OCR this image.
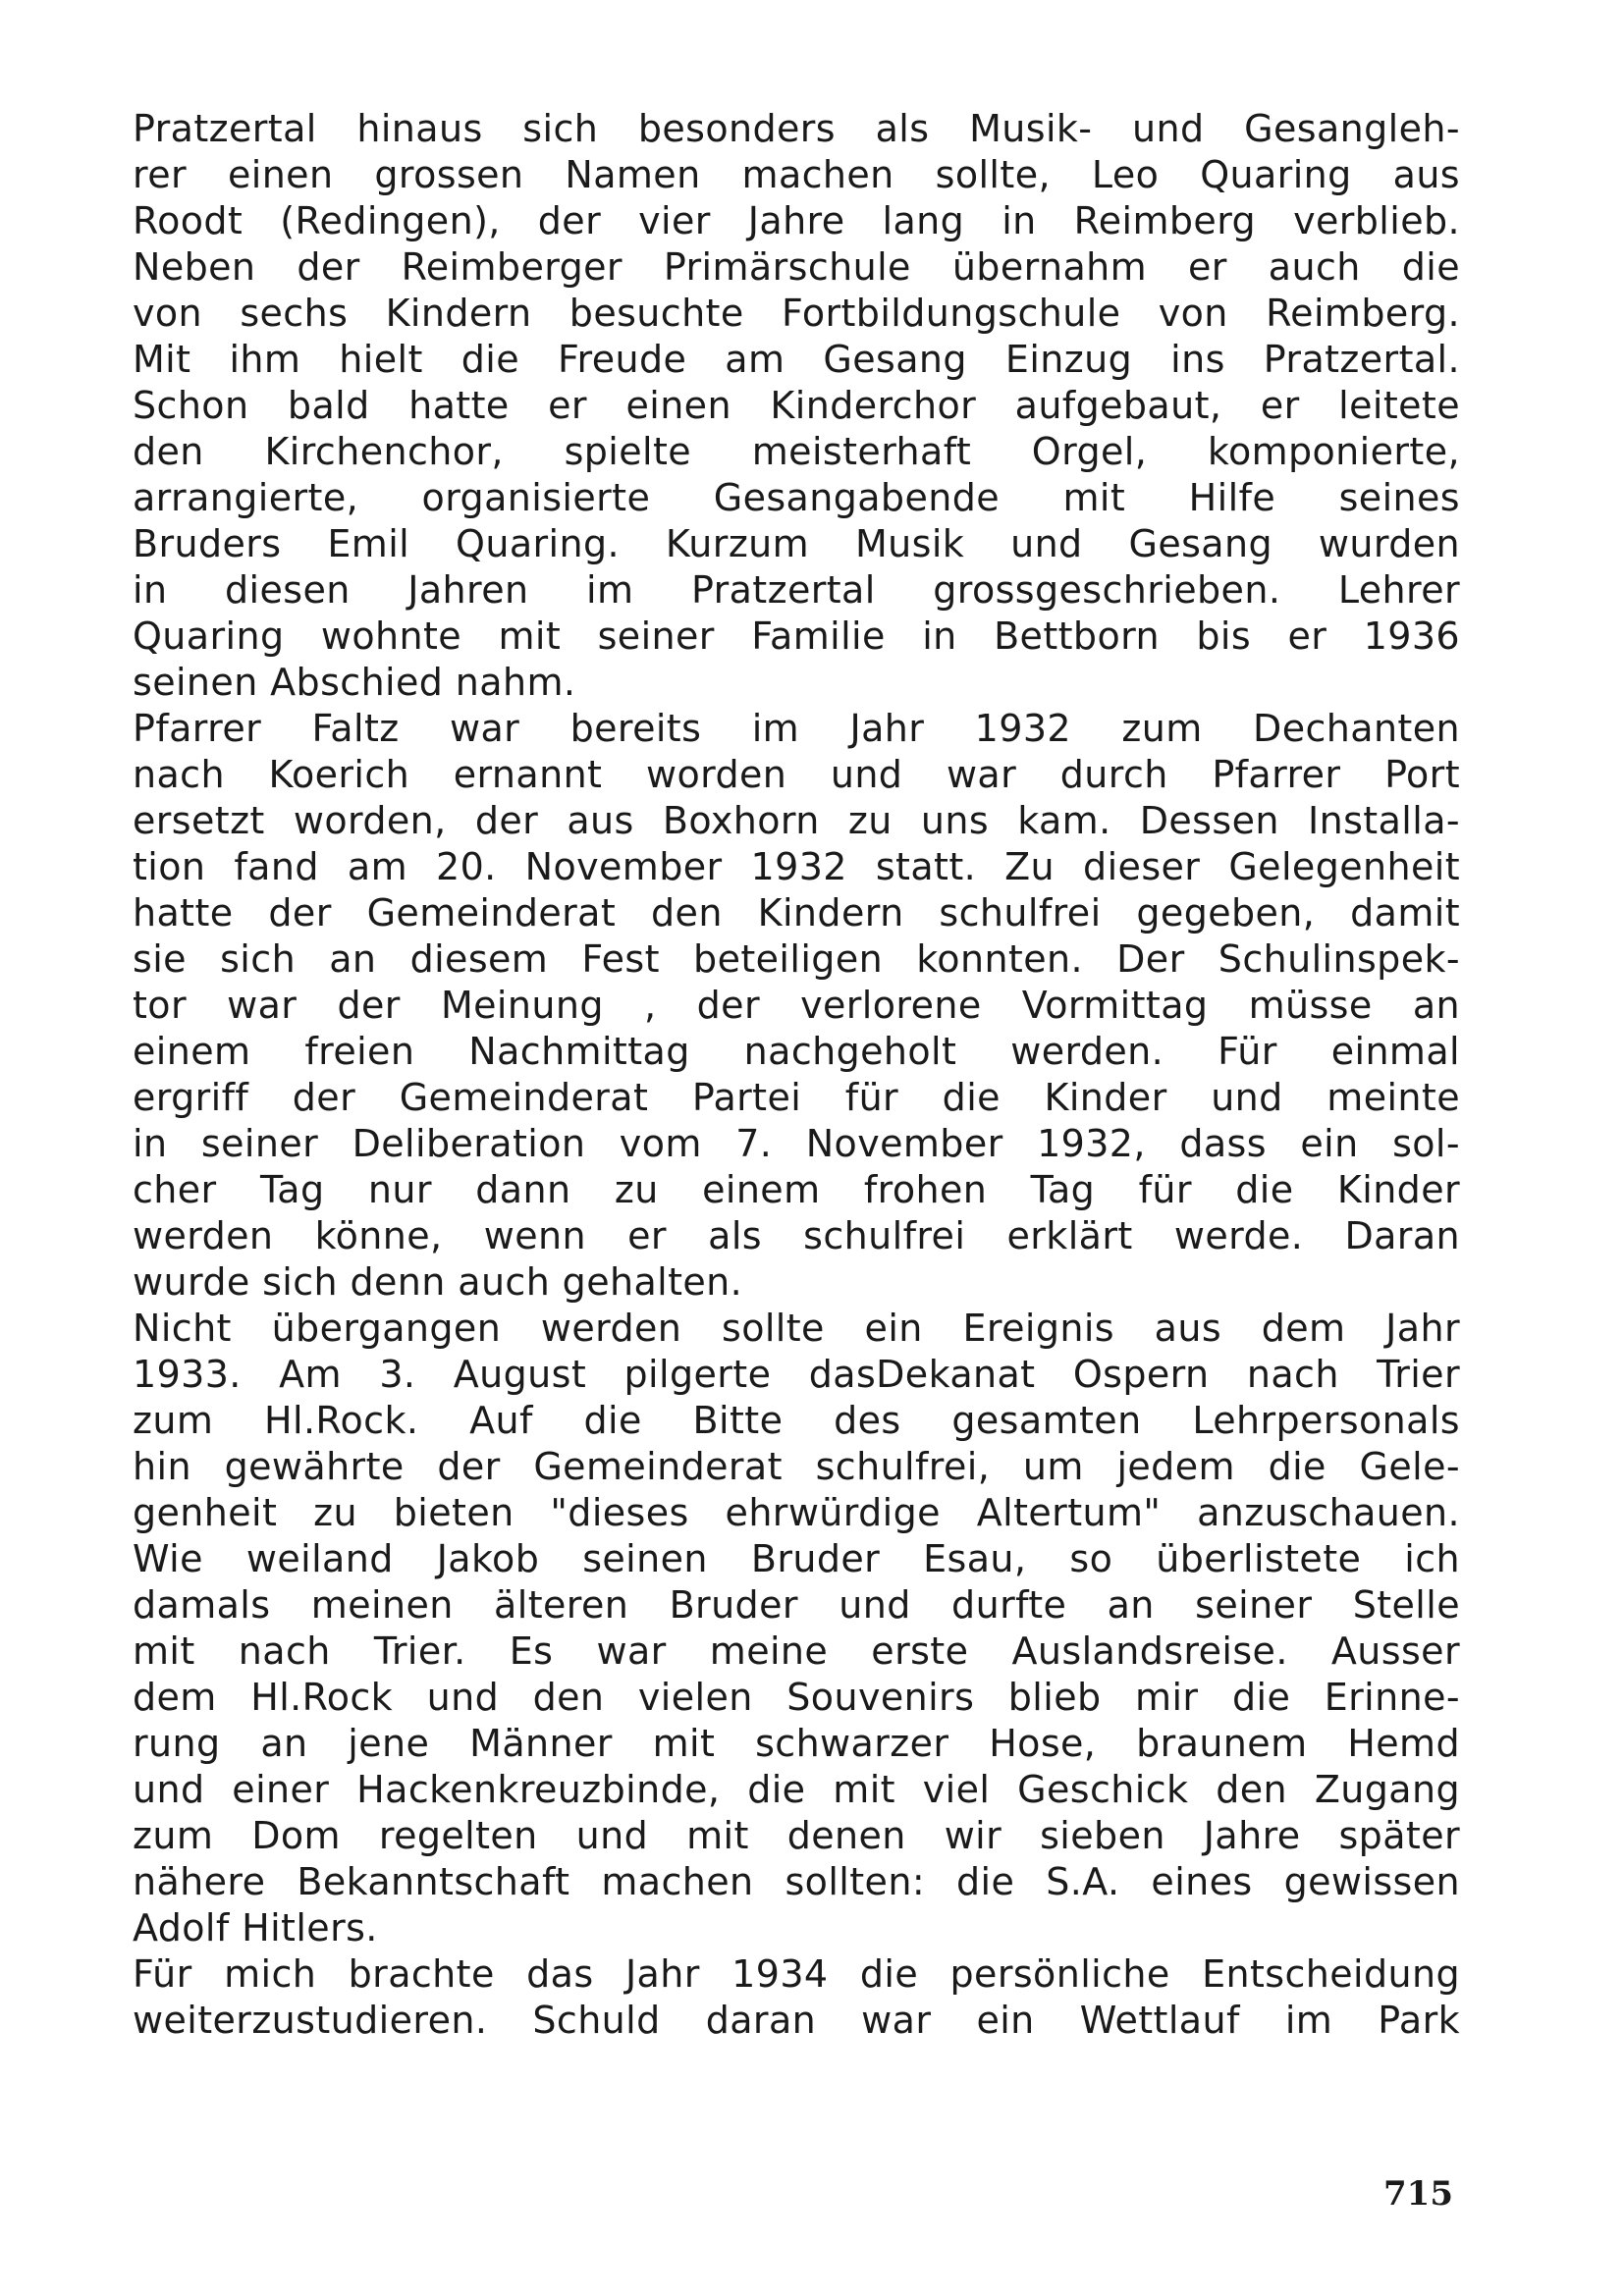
Pratzertal hinaus sich besonders als Musik- und Gesangleh-
rer einen grossen Namen machen sollte, Leo Quaring aus
Roodt (Redingen), der vier Jahre lang in Reimberg verblieb.
Neben der Reimberger Primärschule übernahm er auch die
von sechs Kindern besuchte Fortbildungschule von Reimberg.
Mit ihm hielt die Freude am Gesang Einzug ins Pratzertal.
Schon bald hatte er einen Kinderchor aufgebaut, er leitete
den Kirchenchor, spielte meisterhaft Orgel, komponierte,
arrangierte, organisierte Gesangabende mit Hilfe seines
Bruders Emil Quaring. Kurzum Musik und Gesang wurden
in diesen Jahren im Pratzertal grossgeschrieben. Lehrer
Quaring wohnte mit seiner Familie in Bettborn bis er 1936
seinen Abschied nahm.
Pfarrer Faltz war bereits im Jahr 1932 zum Dechanten
nach Koerich ernannt worden und war durch Pfarrer Port
ersetzt worden, der aus Boxhorn zu uns kam. Dessen Installa-
tion fand am 20. November 1932 statt. Zu dieser Gelegenheit
hatte der Gemeinderat den Kindern schulfrei gegeben, damit
sie sich an diesem Fest beteiligen konnten. Der Schulinspek-
tor war der Meinung , der verlorene Vormittag müsse an
einem freien Nachmittag nachgeholt werden. Für einmal
ergriff der Gemeinderat Partei für die Kinder und meinte
in seiner Deliberation vom 7. November 1932, dass ein sol-
cher Tag nur dann zu einem frohen Tag für die Kinder
werden könne, wenn er als schulfrei erklärt werde. Daran
wurde sich denn auch gehalten.
Nicht übergangen werden sollte ein Ereignis aus dem Jahr
1933. Am 3. August pilgerte dasDekanat Ospern nach Trier
zum Hl.Rock. Auf die Bitte des gesamten Lehrpersonals
hin gewährte der Gemeinderat schulfrei, um jedem die Gele-
genheit zu bieten "dieses ehrwürdige Altertum" anzuschauen.
Wie weiland Jakob seinen Bruder Esau, so überlistete ich
damals meinen älteren Bruder und durfte an seiner Stelle
mit nach Trier. Es war meine erste Auslandsreise. Ausser
dem Hl.Rock und den vielen Souvenirs blieb mir die Erinne-
rung an jene Männer mit schwarzer Hose, braunem Hemd
und einer Hackenkreuzbinde, die mit viel Geschick den Zugang
zum Dom regelten und mit denen wir sieben Jahre später
nähere Bekanntschaft machen sollten: die S.A. eines gewissen
Adolf Hitlers.
Für mich brachte das Jahr 1934 die persönliche Entscheidung
weiterzustudieren. Schuld daran war ein Wettlauf im Park
715
